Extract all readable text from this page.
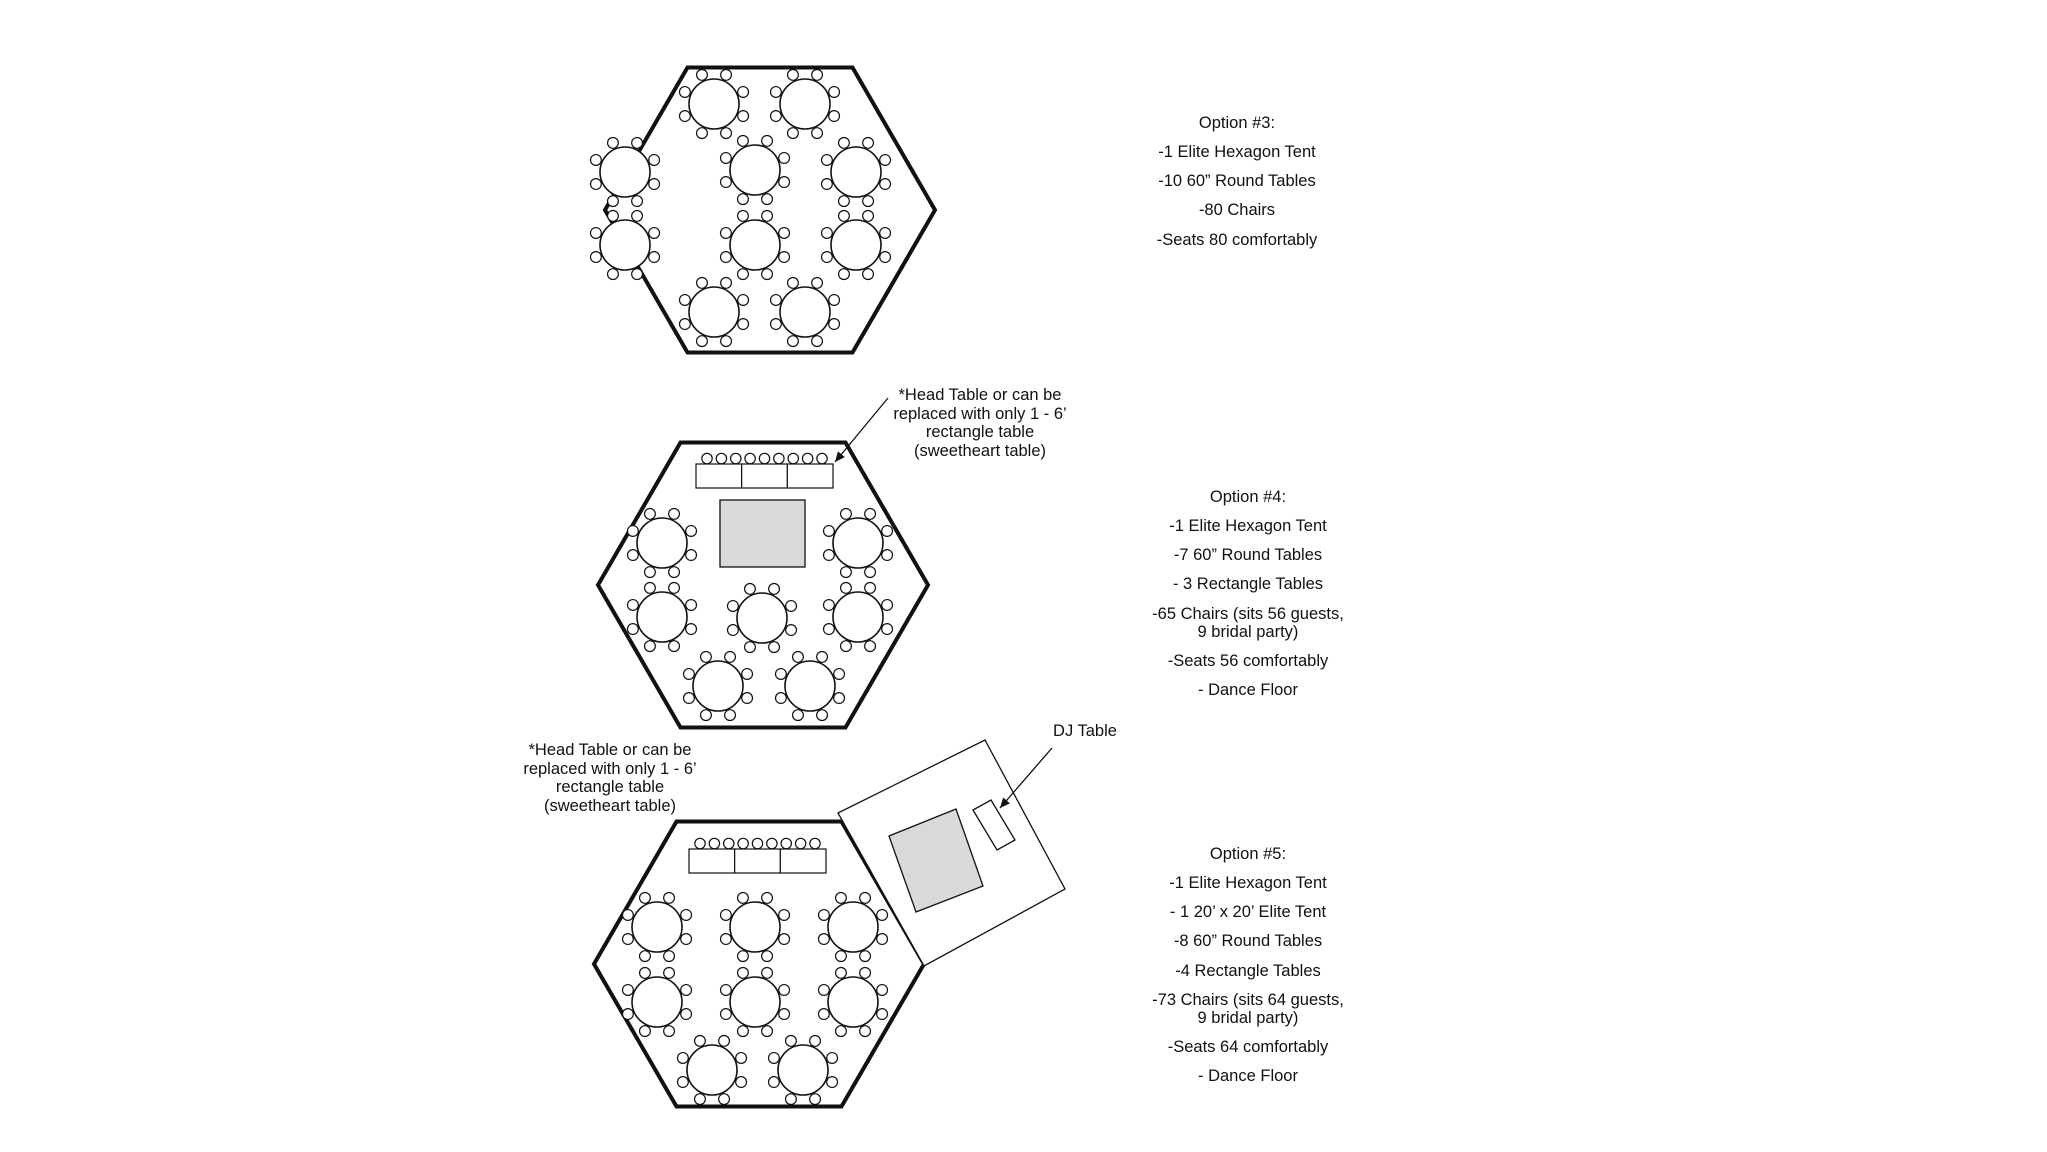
Option #3:
-1 Elite Hexagon Tent
-10 60” Round Tables
-80 Chairs
-Seats 80 comfortably
Option #4:
-1 Elite Hexagon Tent
-7 60” Round Tables
- 3 Rectangle Tables
-65 Chairs (sits 56 guests, 9 bridal party)
-Seats 56 comfortably
- Dance Floor
Option #5:
-1 Elite Hexagon Tent
- 1 20’ x 20’ Elite Tent
-8 60” Round Tables
-4 Rectangle Tables
-73 Chairs (sits 64 guests, 9 bridal party)
-Seats 64 comfortably
- Dance Floor
*Head Table or can be
replaced with only 1 - 6’
rectangle table
(sweetheart table)
*Head Table or can be
replaced with only 1 - 6’
rectangle table
(sweetheart table)
DJ Table
